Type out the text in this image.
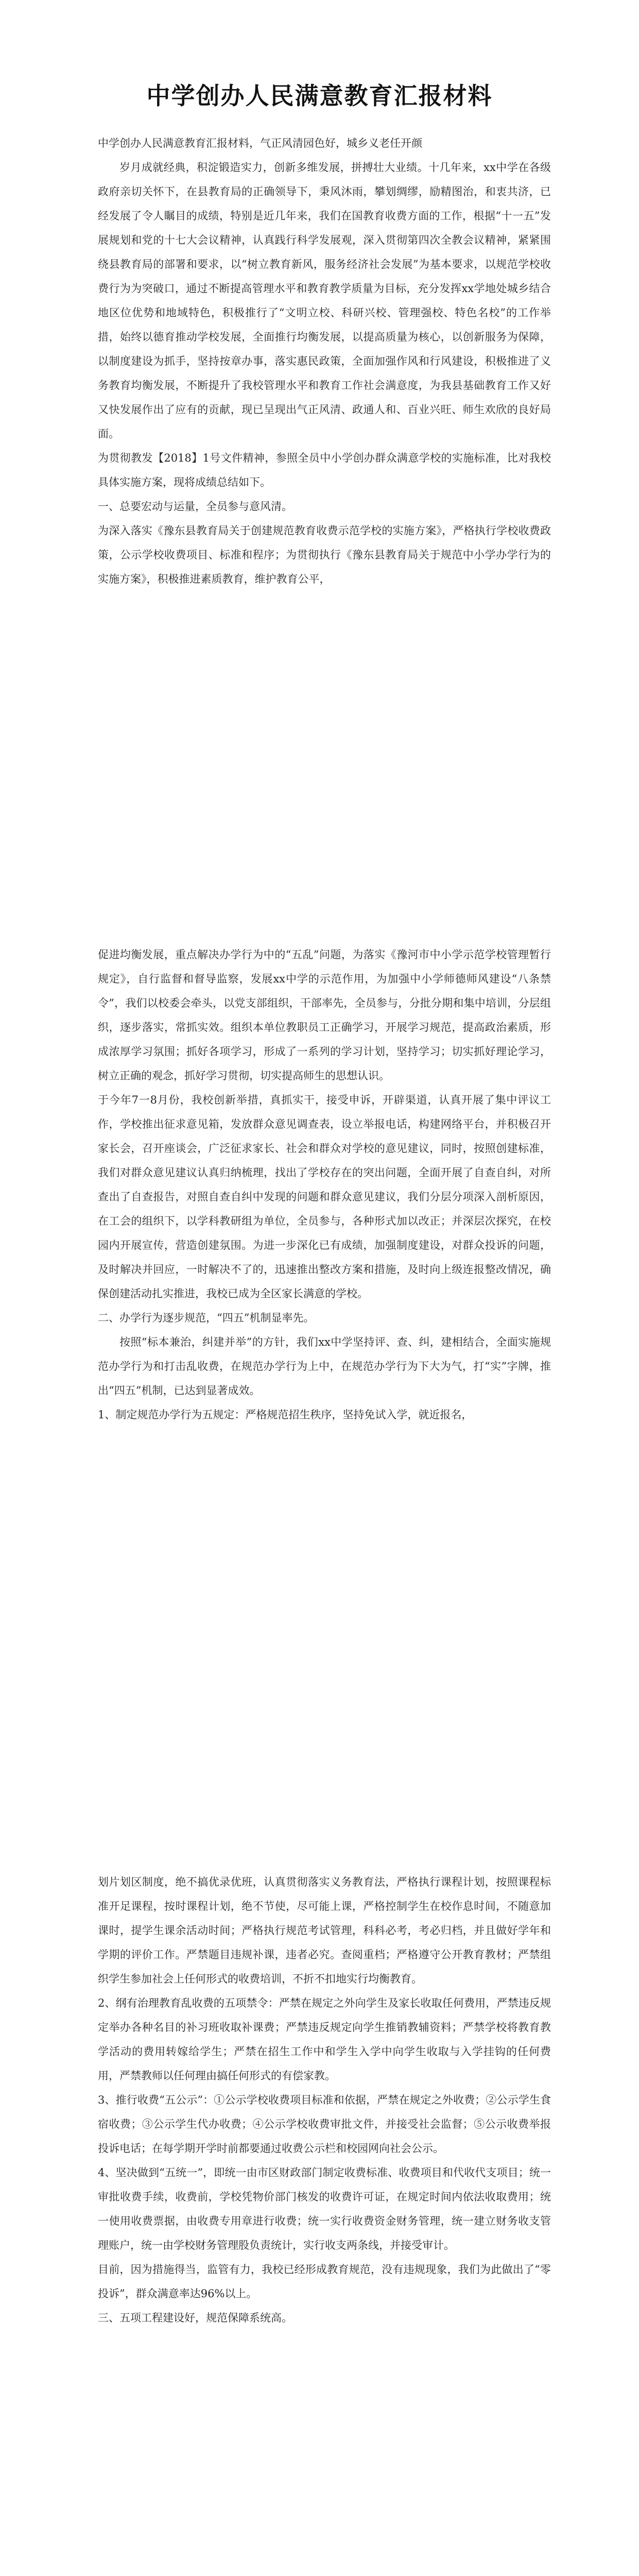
中学创办人民满意教育汇报材料

中学创办人民满意教育汇报材料，气正风清园色好，城乡义老任开颜

岁月成就经典，积淀锻造实力，创新多维发展，拼搏壮大业绩。十几年来，xx中学在各级政府亲切关怀下，在县教育局的正确领导下，秉风沐雨，攀划绸缪，励精图治，和衷共济，已经发展了令人瞩目的成绩，特别是近几年来，我们在国教育收费方面的工作，根据“十一五”发展规划和党的十七大会议精神，认真践行科学发展观，深入贯彻第四次全教会议精神，紧紧围绕县教育局的部署和要求，以“树立教育新风，服务经济社会发展”为基本要求，以规范学校收费行为为突破口，通过不断提高管理水平和教育教学质量为目标，充分发挥xx学地处城乡结合地区位优势和地域特色，积极推行了“文明立校、科研兴校、管理强校、特色名校”的工作举措，始终以德育推动学校发展，全面推行均衡发展，以提高质量为核心，以创新服务为保障，以制度建设为抓手，坚持按章办事，落实惠民政策，全面加强作风和行风建设，积极推进了义务教育均衡发展，不断提升了我校管理水平和教育工作社会满意度，为我县基础教育工作又好又快发展作出了应有的贡献，现已呈现出气正风清、政通人和、百业兴旺、师生欢欣的良好局面。

为贯彻教发【2018】1号文件精神，参照全员中小学创办群众满意学校的实施标准，比对我校具体实施方案，现将成绩总结如下。

一、总要宏动与运量，全员参与意风清。

为深入落实《豫东县教育局关于创建规范教育收费示范学校的实施方案》，严格执行学校收费政策，公示学校收费项目、标准和程序；为贯彻执行《豫东县教育局关于规范中小学办学行为的实施方案》，积极推进素质教育，维护教育公平，

促进均衡发展，重点解决办学行为中的“五乱”问题，为落实《豫河市中小学示范学校管理暂行规定》，自行监督和督导监察，发展xx中学的示范作用，为加强中小学师德师风建设“八条禁令”，我们以校委会牵头，以党支部组织，干部率先，全员参与，分批分期和集中培训，分层组织，逐步落实，常抓实效。组织本单位教职员工正确学习，开展学习规范，提高政治素质，形成浓厚学习氛围；抓好各项学习，形成了一系列的学习计划，坚持学习；切实抓好理论学习，树立正确的观念，抓好学习贯彻，切实提高师生的思想认识。

于今年7一8月份，我校创新举措，真抓实干，接受申诉，开辟渠道，认真开展了集中评议工作，学校推出征求意见箱，发放群众意见调查表，设立举报电话，构建网络平台，并积极召开家长会，召开座谈会，广泛征求家长、社会和群众对学校的意见建议，同时，按照创建标准，我们对群众意见建议认真归纳梳理，找出了学校存在的突出问题，全面开展了自查自纠，对所查出了自查报告，对照自查自纠中发现的问题和群众意见建议，我们分层分项深入剖析原因，在工会的组织下，以学科教研组为单位，全员参与，各种形式加以改正；并深层次探究，在校园内开展宣传，营造创建氛围。为进一步深化已有成绩，加强制度建设，对群众投诉的问题，及时解决并回应，一时解决不了的，迅速推出整改方案和措施，及时向上级连报整改情况，确保创建活动扎实推进，我校已成为全区家长满意的学校。

二、办学行为逐步规范，“四五”机制显率先。

按照“标本兼治，纠建并举”的方针，我们xx中学坚持评、查、纠，建相结合，全面实施规范办学行为和打击乱收费，在规范办学行为上中，在规范办学行为下大为气，打“实”字牌，推出“四五”机制，已达到显著成效。

1、制定规范办学行为五规定：严格规范招生秩序，坚持免试入学，就近报名，

划片划区制度，绝不搞优录优班，认真贯彻落实义务教育法，严格执行课程计划，按照课程标准开足课程，按时课程计划，绝不节使，尽可能上课，严格控制学生在校作息时间，不随意加课时，提学生课余活动时间；严格执行规范考试管理，科科必考，考必归档，并且做好学年和学期的评价工作。严禁题目违规补课，违者必究。查阅重档；严格遵守公开教育教材；严禁组织学生参加社会上任何形式的收费培训，不折不扣地实行均衡教育。

2、纲有治理教育乱收费的五项禁令：严禁在规定之外向学生及家长收取任何费用，严禁违反规定举办各种名目的补习班收取补课费；严禁违反规定向学生推销教辅资料；严禁学校将教育教学活动的费用转嫁给学生；严禁在招生工作中和学生入学中向学生收取与入学挂钩的任何费用，严禁教师以任何理由搞任何形式的有偿家教。

3、推行收费“五公示”：①公示学校收费项目标准和依据，严禁在规定之外收费；②公示学生食宿收费；③公示学生代办收费；④公示学校收费审批文件，并接受社会监督；⑤公示收费举报投诉电话；在每学期开学时前都要通过收费公示栏和校园网向社会公示。

4、坚决做到“五统一”，即统一由市区财政部门制定收费标准、收费项目和代收代支项目；统一审批收费手续，收费前，学校凭物价部门核发的收费许可证，在规定时间内依法收取费用；统一使用收费票据，由收费专用章进行收费；统一实行收费资金财务管理，统一建立财务收支管理账户，统一由学校财务管理股负责统计，实行收支两条线，并接受审计。

目前，因为措施得当，监管有力，我校已经形成教育规范，没有违规现象，我们为此做出了“零投诉”，群众满意率达96%以上。

三、五项工程建设好，规范保障系统高。
